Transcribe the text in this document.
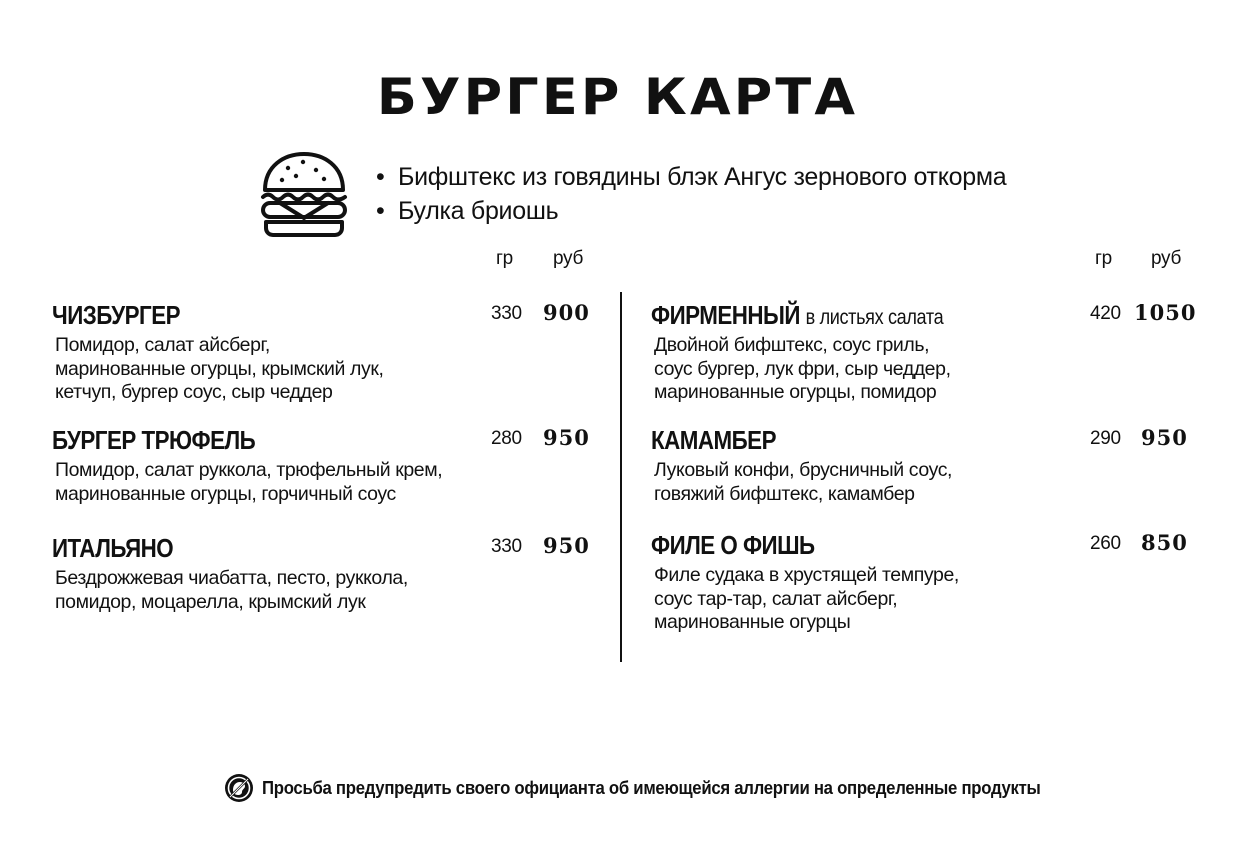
БУРГЕР КАРТА
• Бифштекс из говядины блэк Ангус зернового откорма
• Булка бриошь
гр руб	гр руб
ЧИЗБУРГЕР	330 900
Помидор, салат айсберг,
маринованные огурцы, крымский лук,
кетчуп, бургер соус, сыр чеддер
БУРГЕР ТРЮФЕЛЬ	280 950
Помидор, салат руккола, трюфельный крем,
маринованные огурцы, горчичный соус
ИТАЛЬЯНО	330 950
Бездрожжевая чиабатта, песто, руккола,
помидор, моцарелла, крымский лук
ФИРМЕННЫЙ в листьях салата	420 1050
Двойной бифштекс, соус гриль,
соус бургер, лук фри, сыр чеддер,
маринованные огурцы, помидор
КАМАМБЕР	290 950
Луковый конфи, брусничный соус,
говяжий бифштекс, камамбер
ФИЛЕ О ФИШЬ	260 850
Филе судака в хрустящей темпуре,
соус тар-тар, салат айсберг,
маринованные огурцы
Просьба предупредить своего официанта об имеющейся аллергии на определенные продукты
